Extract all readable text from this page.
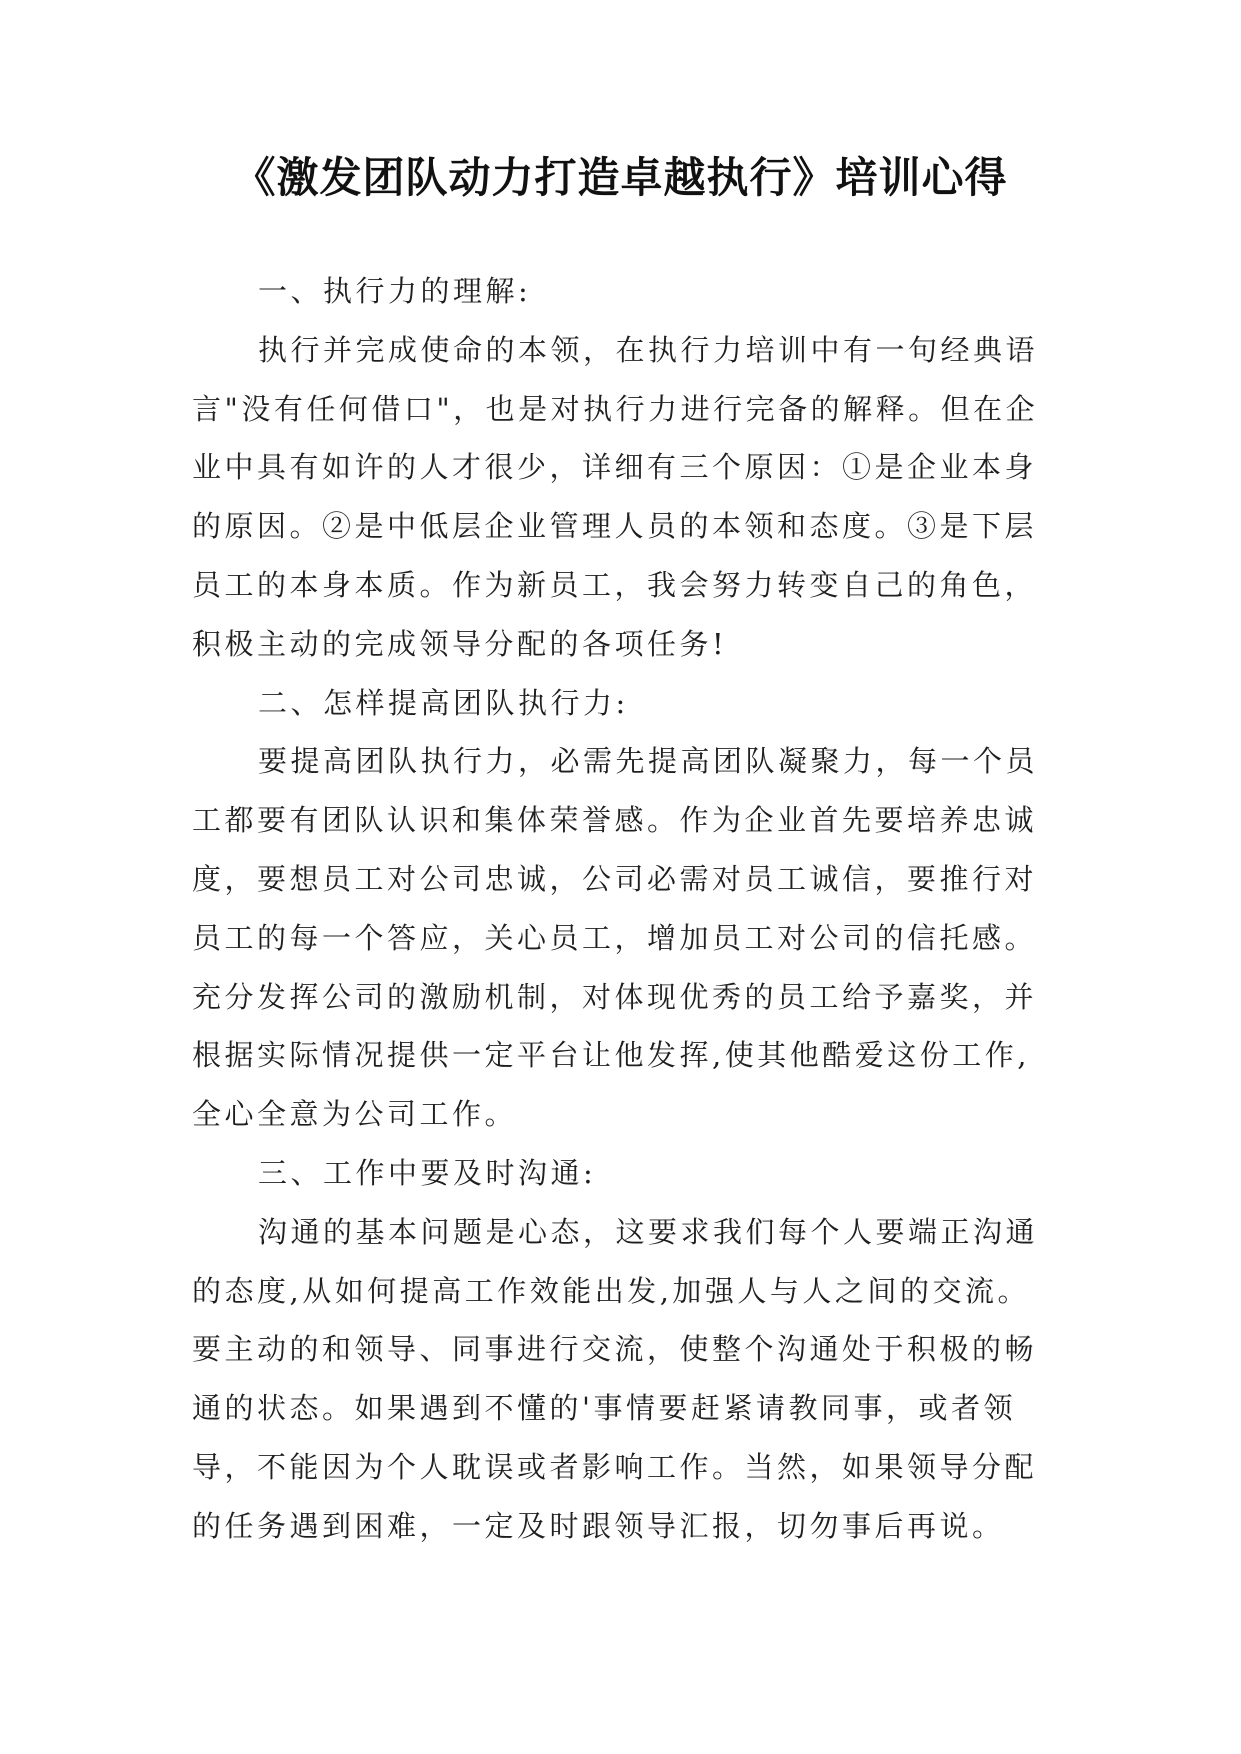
《激发团队动力打造卓越执行》培训心得
一、执行力的理解:
执行并完成使命的本领，在执行力培训中有一句经典语
言"没有任何借口"，也是对执行力进行完备的解释。但在企
业中具有如许的人才很少，详细有三个原因：①是企业本身
的原因。②是中低层企业管理人员的本领和态度。③是下层
员工的本身本质。作为新员工，我会努力转变自己的角色，
积极主动的完成领导分配的各项任务!
二、怎样提高团队执行力:
要提高团队执行力，必需先提高团队凝聚力，每一个员
工都要有团队认识和集体荣誉感。作为企业首先要培养忠诚
度，要想员工对公司忠诚，公司必需对员工诚信，要推行对
员工的每一个答应，关心员工，增加员工对公司的信托感。
充分发挥公司的激励机制，对体现优秀的员工给予嘉奖，并
根据实际情况提供一定平台让他发挥,使其他酷爱这份工作,
全心全意为公司工作。
三、工作中要及时沟通:
沟通的基本问题是心态，这要求我们每个人要端正沟通
的态度,从如何提高工作效能出发,加强人与人之间的交流。
要主动的和领导、同事进行交流，使整个沟通处于积极的畅
通的状态。如果遇到不懂的'事情要赶紧请教同事，或者领
导，不能因为个人耽误或者影响工作。当然，如果领导分配
的任务遇到困难，一定及时跟领导汇报，切勿事后再说。
